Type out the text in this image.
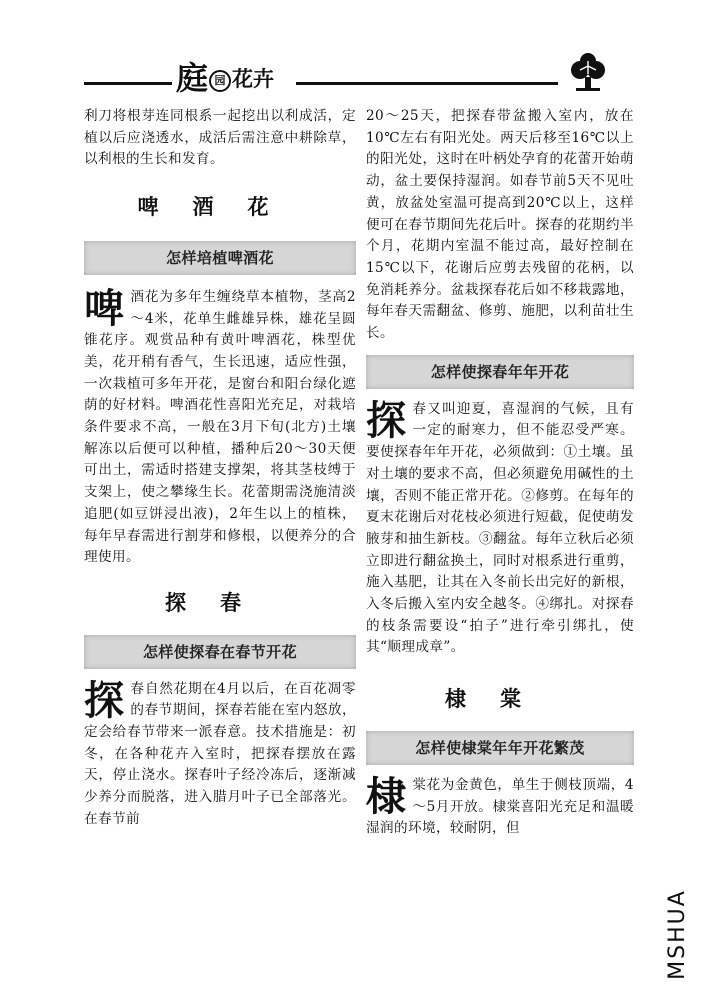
庭 园 花卉

利刀将根芽连同根系一起挖出以利成活，定植以后应浇透水，成活后需注意中耕除草，以利根的生长和发育。

啤酒花
怎样培植啤酒花

啤酒花为多年生缠绕草本植物，茎高2～4米，花单生雌雄异株，雄花呈圆锥花序。观赏品种有黄叶啤酒花，株型优美，花开稍有香气，生长迅速，适应性强，一次栽植可多年开花，是窗台和阳台绿化遮荫的好材料。啤酒花性喜阳光充足，对栽培条件要求不高，一般在3月下旬(北方)土壤解冻以后便可以种植，播种后20～30天便可出土，需适时搭建支撑架，将其茎枝缚于支架上，使之攀缘生长。花蕾期需浇施清淡追肥(如豆饼浸出液)，2年生以上的植株，每年早春需进行割芽和修根，以便养分的合理使用。

探春
怎样使探春在春节开花

探春自然花期在4月以后，在百花凋零的春节期间，探春若能在室内怒放，定会给春节带来一派春意。技术措施是：初冬，在各种花卉入室时，把探春摆放在露天，停止浇水。探春叶子经冷冻后，逐渐减少养分而脱落，进入腊月叶子已全部落光。在春节前

20～25天，把探春带盆搬入室内，放在10℃左右有阳光处。两天后移至16℃以上的阳光处，这时在叶柄处孕育的花蕾开始萌动，盆土要保持湿润。如春节前5天不见吐黄，放盆处室温可提高到20℃以上，这样便可在春节期间先花后叶。探春的花期约半个月，花期内室温不能过高，最好控制在15℃以下，花谢后应剪去残留的花柄，以免消耗养分。盆栽探春花后如不移栽露地，每年春天需翻盆、修剪、施肥，以利苗壮生长。

怎样使探春年年开花

探春又叫迎夏，喜湿润的气候，且有一定的耐寒力，但不能忍受严寒。要使探春年年开花，必须做到：①土壤。虽对土壤的要求不高，但必须避免用碱性的土壤，否则不能正常开花。②修剪。在每年的夏末花谢后对花枝必须进行短截，促使萌发腋芽和抽生新枝。③翻盆。每年立秋后必须立即进行翻盆换土，同时对根系进行重剪，施入基肥，让其在入冬前长出完好的新根，入冬后搬入室内安全越冬。④绑扎。对探春的枝条需要设“拍子”进行牵引绑扎，使其“顺理成章”。

棣棠
怎样使棣棠年年开花繁茂

棣棠花为金黄色，单生于侧枝顶端，4～5月开放。棣棠喜阳光充足和温暖湿润的环境，较耐阴，但

MSHUA
